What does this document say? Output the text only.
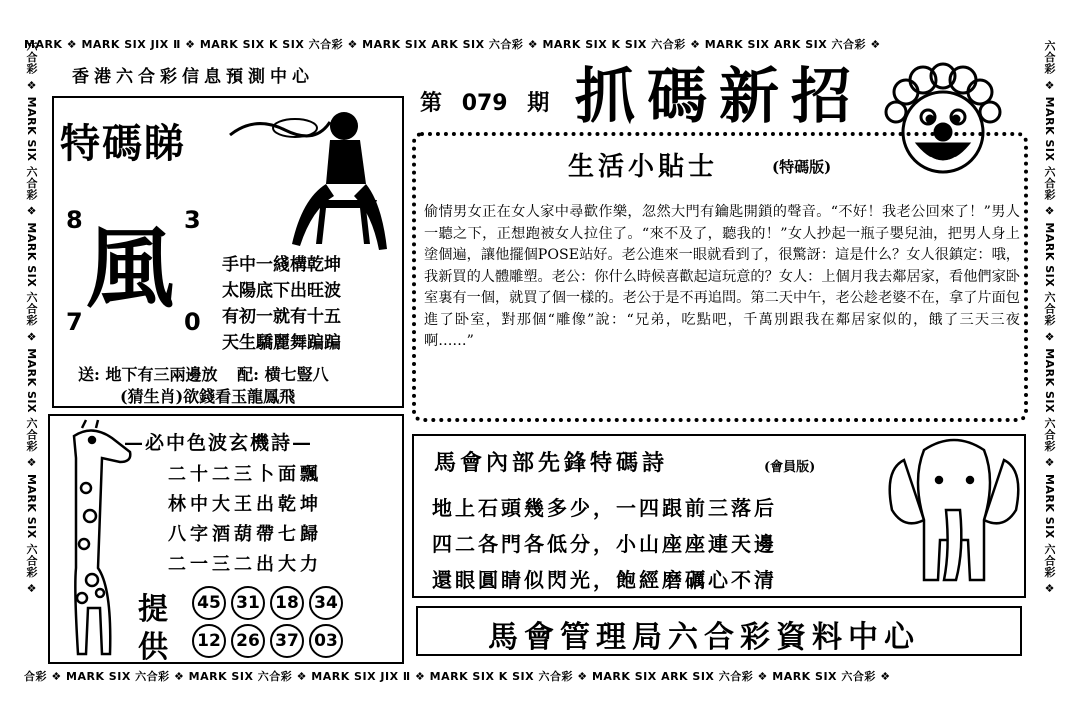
MARK ❖ MARK SIX JIX Ⅱ ❖ MARK SIX K SIX 六合彩 ❖ MARK SIX ARK SIX 六合彩 ❖ MARK SIX K SIX 六合彩 ❖ MARK SIX ARK SIX 六合彩 ❖
合彩 ❖ MARK SIX 六合彩 ❖ MARK SIX 六合彩 ❖ MARK SIX JIX Ⅱ ❖ MARK SIX K SIX 六合彩 ❖ MARK SIX ARK SIX 六合彩 ❖ MARK SIX 六合彩 ❖
六合彩 ❖ MARK SIX 六合彩 ❖ MARK SIX 六合彩 ❖ MARK SIX 六合彩 ❖ MARK SIX 六合彩 ❖	六合彩 ❖ MARK SIX 六合彩 ❖ MARK SIX 六合彩 ❖ MARK SIX 六合彩 ❖ MARK SIX 六合彩 ❖
香港六合彩信息預測中心
第 079 期 抓碼新招
特碼睇
8	3
7	0
風	手中一綫構乾坤
太陽底下出旺波
有初一就有十五
天生驕麗舞蹁蹁
送: 地下有三兩邊放 配: 横七豎八
(猜生肖)欲錢看玉龍鳳飛
生活小貼士	(特碼版)
偷情男女正在女人家中尋歡作樂，忽然大門有鑰匙開鎖的聲音。“不好！我老公回來了！”男人一聽之下，正想跑被女人拉住了。“來不及了，聽我的！”女人抄起一瓶子嬰兒油，把男人身上塗個遍，讓他擺個POSE站好。老公進來一眼就看到了，很驚訝：這是什么？女人很鎮定：哦，我新買的人體雕塑。老公：你什么時候喜歡起這玩意的？女人：上個月我去鄰居家，看他們家卧室裏有一個，就買了個一樣的。老公于是不再追問。第二天中午，老公趁老婆不在，拿了片面包進了卧室，對那個“雕像”說：“兄弟，吃點吧，千萬別跟我在鄰居家似的，餓了三天三夜啊……”
—必中色波玄機詩—
二十二三卜面飄
林中大王出乾坤
八字酒葫帶七歸
二一三二出大力
提
供
45 31 18 34
12 26 37 03
馬會內部先鋒特碼詩	(會員版)
地上石頭幾多少，一四跟前三落后
四二各門各低分，小山座座連天邊
還眼圓睛似閃光，飽經磨礪心不清
馬會管理局六合彩資料中心
